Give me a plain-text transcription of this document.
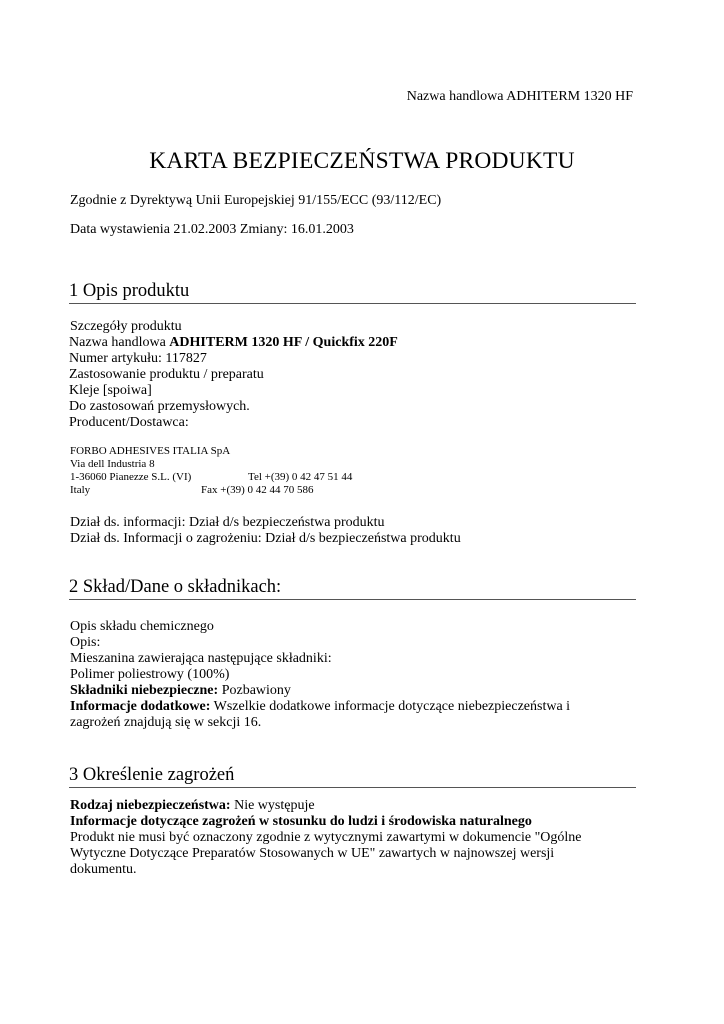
Nazwa handlowa ADHITERM 1320 HF
KARTA BEZPIECZEŃSTWA PRODUKTU
Zgodnie z Dyrektywą Unii Europejskiej 91/155/ECC (93/112/EC)
Data wystawienia 21.02.2003 Zmiany: 16.01.2003
1 Opis produktu
Szczegóły produktu
Nazwa handlowa ADHITERM 1320 HF / Quickfix 220F
Numer artykułu: 117827
Zastosowanie produktu / preparatu
Kleje [spoiwa]
Do zastosowań przemysłowych.
Producent/Dostawca:
FORBO ADHESIVES ITALIA SpA
Via dell Industria 8
1-36060 Pianezze S.L. (VI)	Tel +(39) 0 42 47 51 44
Italy	Fax +(39) 0 42 44 70 586
Dział ds. informacji: Dział d/s bezpieczeństwa produktu
Dział ds. Informacji o zagrożeniu: Dział d/s bezpieczeństwa produktu
2 Skład/Dane o składnikach:
Opis składu chemicznego
Opis:
Mieszanina zawierająca następujące składniki:
Polimer poliestrowy (100%)
Składniki niebezpieczne: Pozbawiony
Informacje dodatkowe: Wszelkie dodatkowe informacje dotyczące niebezpieczeństwa i zagrożeń znajdują się w sekcji 16.
3 Określenie zagrożeń
Rodzaj niebezpieczeństwa: Nie występuje
Informacje dotyczące zagrożeń w stosunku do ludzi i środowiska naturalnego
Produkt nie musi być oznaczony zgodnie z wytycznymi zawartymi w dokumencie "Ogólne Wytyczne Dotyczące Preparatów Stosowanych w UE" zawartych w najnowszej wersji dokumentu.
